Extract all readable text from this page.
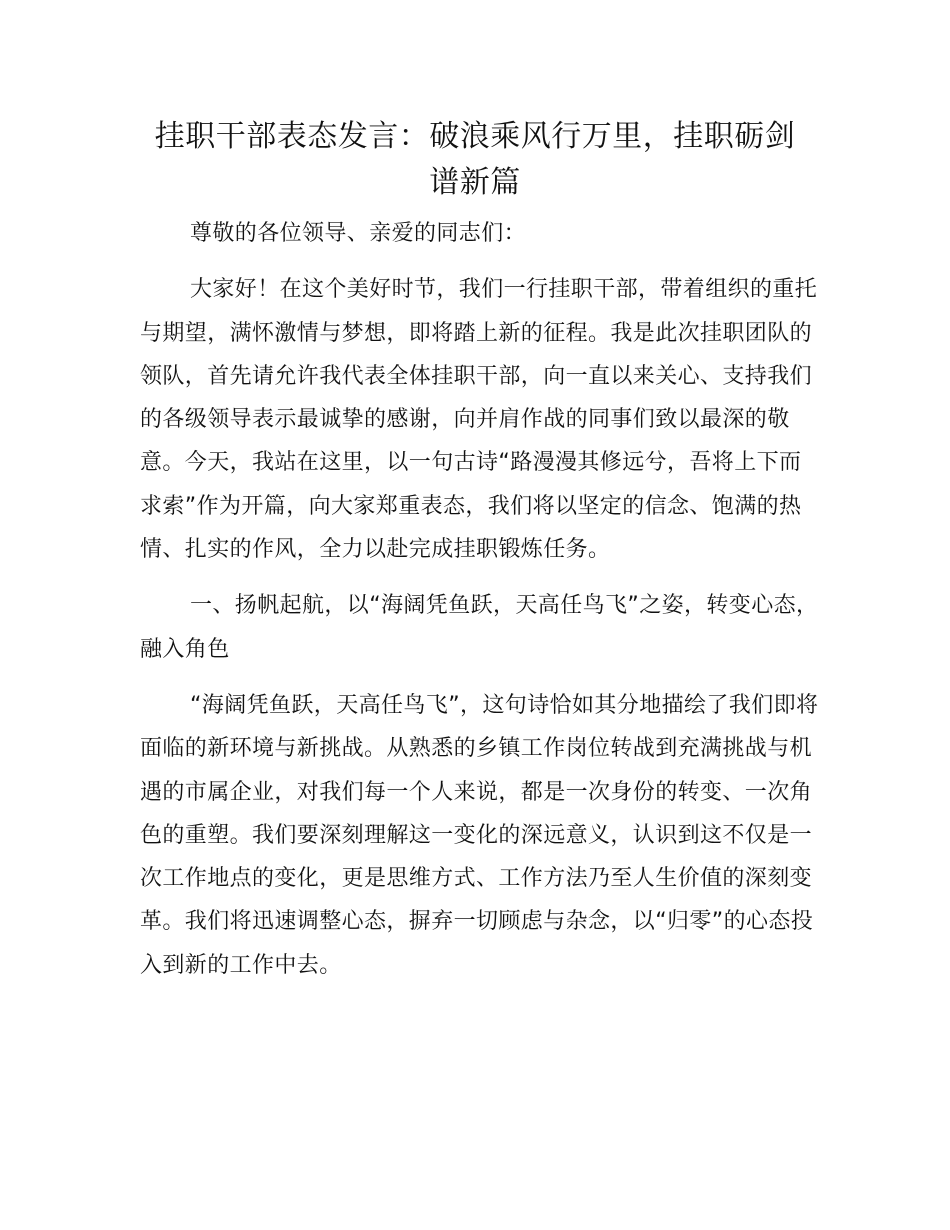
挂职干部表态发言：破浪乘风行万里，挂职砺剑谱新篇

尊敬的各位领导、亲爱的同志们：

大家好！在这个美好时节，我们一行挂职干部，带着组织的重托与期望，满怀激情与梦想，即将踏上新的征程。我是此次挂职团队的领队，首先请允许我代表全体挂职干部，向一直以来关心、支持我们的各级领导表示最诚挚的感谢，向并肩作战的同事们致以最深的敬意。今天，我站在这里，以一句古诗“路漫漫其修远兮，吾将上下而求索”作为开篇，向大家郑重表态，我们将以坚定的信念、饱满的热情、扎实的作风，全力以赴完成挂职锻炼任务。

一、扬帆起航，以“海阔凭鱼跃，天高任鸟飞”之姿，转变心态，融入角色

“海阔凭鱼跃，天高任鸟飞”，这句诗恰如其分地描绘了我们即将面临的新环境与新挑战。从熟悉的乡镇工作岗位转战到充满挑战与机遇的市属企业，对我们每一个人来说，都是一次身份的转变、一次角色的重塑。我们要深刻理解这一变化的深远意义，认识到这不仅是一次工作地点的变化，更是思维方式、工作方法乃至人生价值的深刻变革。我们将迅速调整心态，摒弃一切顾虑与杂念，以“归零”的心态投入到新的工作中去。
